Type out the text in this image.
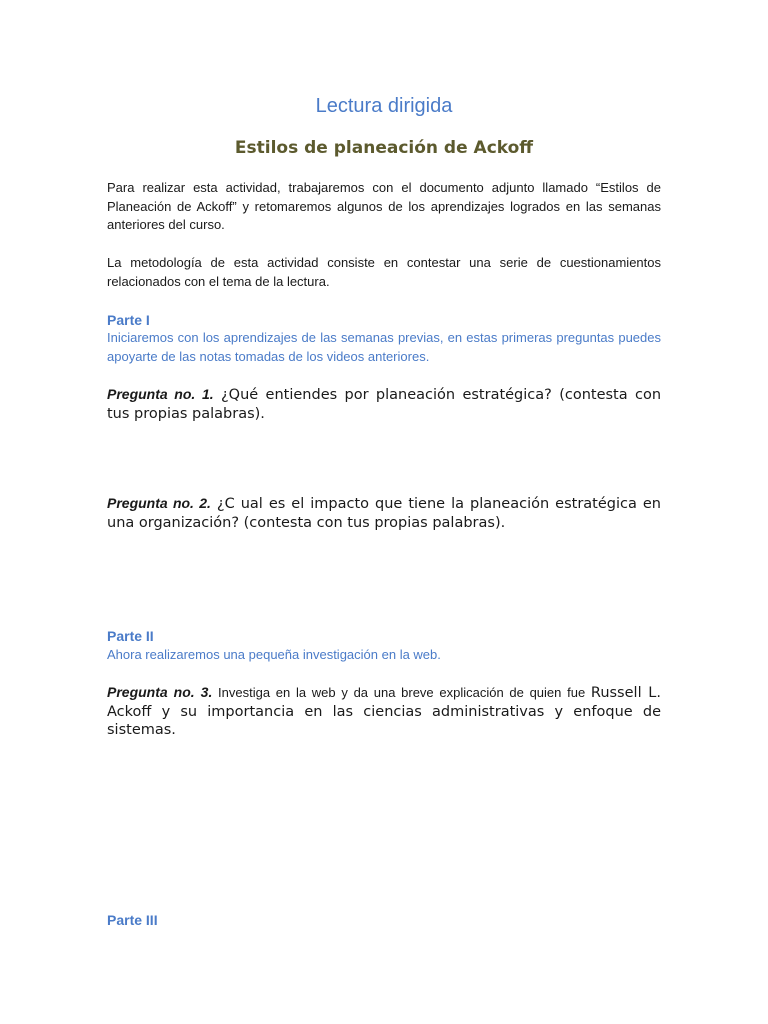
Lectura dirigida
Estilos de planeación de Ackoff

Para realizar esta actividad, trabajaremos con el documento adjunto llamado “Estilos de Planeación de Ackoff” y retomaremos algunos de los aprendizajes logrados en las semanas anteriores del curso.

La metodología de esta actividad consiste en contestar una serie de cuestionamientos relacionados con el tema de la lectura.

Parte I

Iniciaremos con los aprendizajes de las semanas previas, en estas primeras preguntas puedes apoyarte de las notas tomadas de los videos anteriores.

Pregunta no. 1. ¿Qué entiendes por planeación estratégica? (contesta con tus propias palabras).

Pregunta no. 2. ¿C ual es el impacto que tiene la planeación estratégica en una organización? (contesta con tus propias palabras).

Parte II

Ahora realizaremos una pequeña investigación en la web.

Pregunta no. 3. Investiga en la web y da una breve explicación de quien fue Russell L. Ackoff y su importancia en las ciencias administrativas y enfoque de sistemas.

Parte III
